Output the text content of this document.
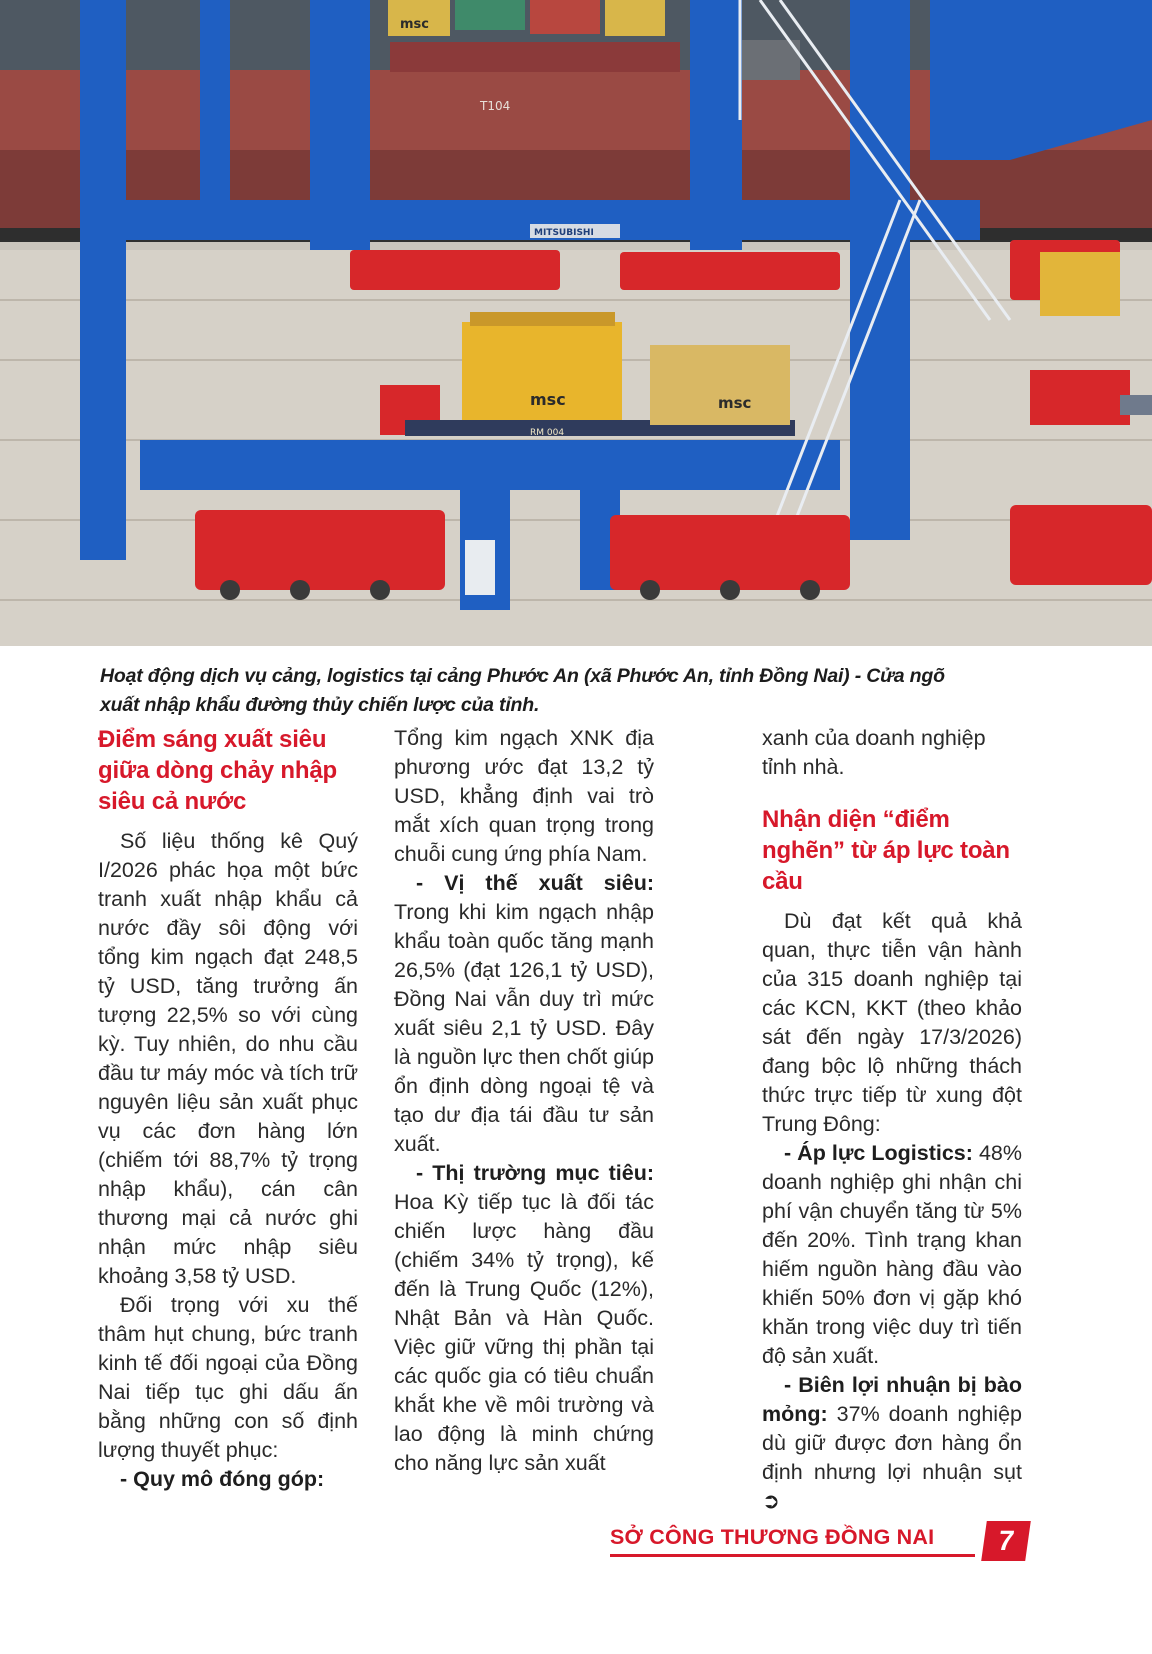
T104
msc
MITSUBISHI
msc	msc
RM 004
Hoạt động dịch vụ cảng, logistics tại cảng Phước An (xã Phước An, tỉnh Đồng Nai) - Cửa ngõ xuất nhập khẩu đường thủy chiến lược của tỉnh.
Điểm sáng xuất siêu giữa dòng chảy nhập siêu cả nước

Số liệu thống kê Quý I/2026 phác họa một bức tranh xuất nhập khẩu cả nước đầy sôi động với tổng kim ngạch đạt 248,5 tỷ USD, tăng trưởng ấn tượng 22,5% so với cùng kỳ. Tuy nhiên, do nhu cầu đầu tư máy móc và tích trữ nguyên liệu sản xuất phục vụ các đơn hàng lớn (chiếm tới 88,7% tỷ trọng nhập khẩu), cán cân thương mại cả nước ghi nhận mức nhập siêu khoảng 3,58 tỷ USD.

Đối trọng với xu thế thâm hụt chung, bức tranh kinh tế đối ngoại của Đồng Nai tiếp tục ghi dấu ấn bằng những con số định lượng thuyết phục:

- Quy mô đóng góp:

Tổng kim ngạch XNK địa phương ước đạt 13,2 tỷ USD, khẳng định vai trò mắt xích quan trọng trong chuỗi cung ứng phía Nam.

- Vị thế xuất siêu: Trong khi kim ngạch nhập khẩu toàn quốc tăng mạnh 26,5% (đạt 126,1 tỷ USD), Đồng Nai vẫn duy trì mức xuất siêu 2,1 tỷ USD. Đây là nguồn lực then chốt giúp ổn định dòng ngoại tệ và tạo dư địa tái đầu tư sản xuất.

- Thị trường mục tiêu: Hoa Kỳ tiếp tục là đối tác chiến lược hàng đầu (chiếm 34% tỷ trọng), kế đến là Trung Quốc (12%), Nhật Bản và Hàn Quốc. Việc giữ vững thị phần tại các quốc gia có tiêu chuẩn khắt khe về môi trường và lao động là minh chứng cho năng lực sản xuất

xanh của doanh nghiệp tỉnh nhà.

Nhận diện “điểm nghẽn” từ áp lực toàn cầu

Dù đạt kết quả khả quan, thực tiễn vận hành của 315 doanh nghiệp tại các KCN, KKT (theo khảo sát đến ngày 17/3/2026) đang bộc lộ những thách thức trực tiếp từ xung đột Trung Đông:

- Áp lực Logistics: 48% doanh nghiệp ghi nhận chi phí vận chuyển tăng từ 5% đến 20%. Tình trạng khan hiếm nguồn hàng đầu vào khiến 50% đơn vị gặp khó khăn trong việc duy trì tiến độ sản xuất.

- Biên lợi nhuận bị bào mỏng: 37% doanh nghiệp dù giữ được đơn hàng ổn định nhưng lợi nhuận sụt ➲

SỞ CÔNG THƯƠNG ĐỒNG NAI	7
